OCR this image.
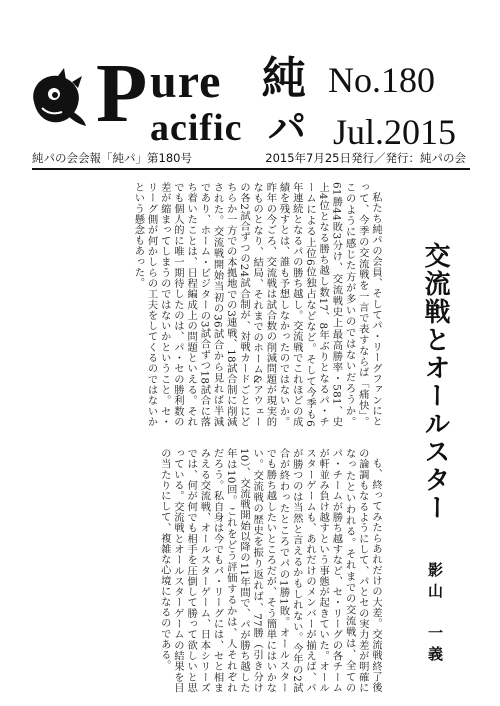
P ure
acific
純
パ
No.180
Jul.2015
純パの会会報「純パ」第180号	2015年7月25日発行／発行：純パの会
交流戦とオールスター
影山　一義

私たち純パの会員、そしてパ・リーグファンにとって、今季の交流戦を一言で表すならば「痛快」。このように感じた方が多いのではないだろうか。61勝44敗3分け、交流戦史上最高勝率・581、史上4位となる勝ち越し数17、8年ぶりとなるパ・チームによる上位6位独占などなど。そして今季も6年連続となるパの勝ち越し。交流戦でこれほどの成績を残すとは、誰も予想しなかったのではないか。昨年の今ごろ、交流戦は試合数の削減問題が現実的なものとなり、結局、それまでのホーム&アウェーの各2試合ずつの24試合制が、対戦カードごとにどちらか一方での本拠地での3連戦、18試合制に削減された。交流戦開始当初の36試合から見れば半減であり、ホーム・ビジターの3試合ずつ18試合に落ち着いたことは、日程編成上の問題といえる。それでも個人的に唯一期待したのは、パ・セの勝利数の差が縮まってしまうのではないかということ。セ・リーグ側が何かしらの工夫をしてくるのではないかという懸念もあった。

も、終ってみたらあれだけの大差。交流戦終了後の論調もなるようにして、パとセの実力差が明確になったといわれる。それまでの交流戦は、全てのパ・チームが勝ち越すなど、セ・リーグの各チームが軒並み負け越すという事態が起きていた。オールスターゲームも、あれだけのメンバーが揃えば、パが勝つのは当然と言えるかもしれない。今年の2試合が終わったところでパの1勝1敗。オールスターでも勝ち越したいところだが、そう簡単にはいかない。交流戦の歴史を振り返れば、77勝（引き分け10）、交流戦開始以降の11年間で、パが勝ち越した年は10回。これをどう評価するかは、人それぞれだろう。私自身は今でもパ・リーグには、セと相まみえる交流戦、オールスターゲーム、日本シリーズでは、何が何でも相手を圧倒して勝って欲しいと思っている。交流戦とオールスターゲームの結果を目の当たりにして、複雑な心境になるのである。
